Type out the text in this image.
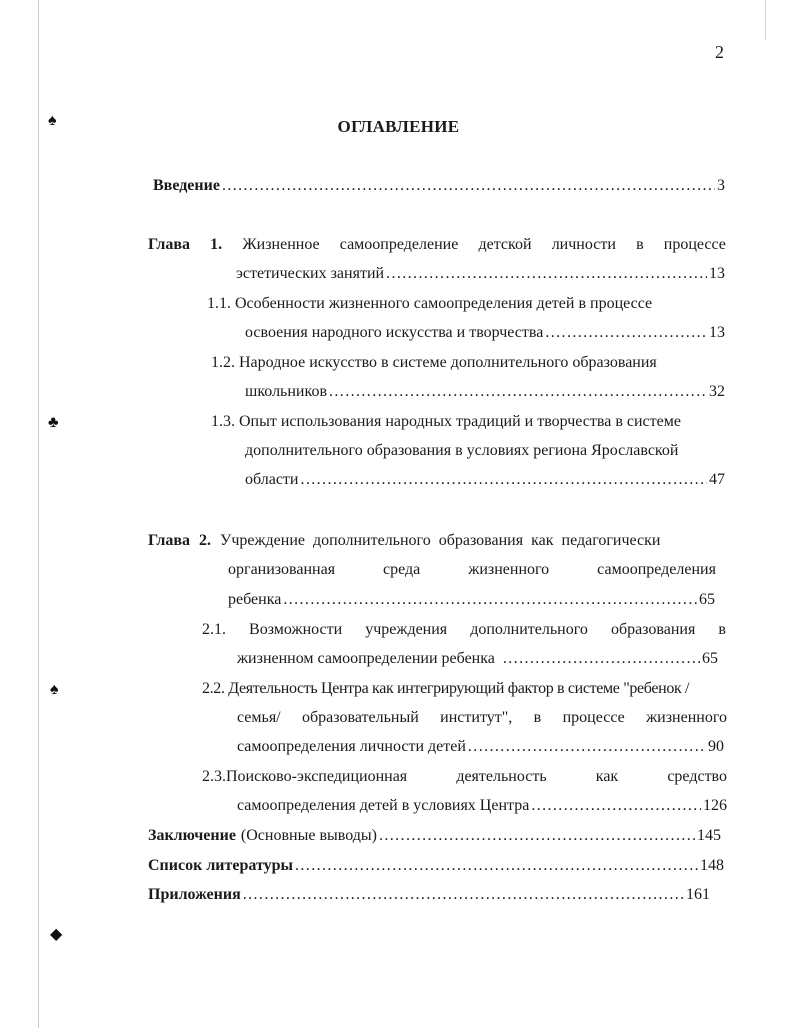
♠
♣
♠
◆
2
ОГЛАВЛЕНИЕ
Введение .....	3
Глава 1. Жизненное самоопределение детской личности в процессе
эстетических занятий .....	13
1.1. Особенности жизненного самоопределения детей в процессе
освоения народного искусства и творчества .....	13
1.2. Народное искусство в системе дополнительного образования
школьников .....	32
1.3. Опыт использования народных традиций и творчества в системе
дополнительного образования в условиях региона Ярославской
области .....	47
Глава 2. Учреждение дополнительного образования как педагогически
организованная	среда	жизненного	самоопределения
ребенка .....	65
2.1. Возможности учреждения дополнительного образования в
жизненном самоопределении ребенка .....	65
2.2. Деятельность Центра как интегрирующий фактор в системе "ребенок /
семья/ образовательный институт", в процессе жизненного
самоопределения личности детей .....	90
2.3.Поисково-экспедиционная	деятельность	как	средство
самоопределения детей в условиях Центра .....	126
Заключение (Основные выводы) .....	145
Список литературы .....	148
Приложения .....	161
